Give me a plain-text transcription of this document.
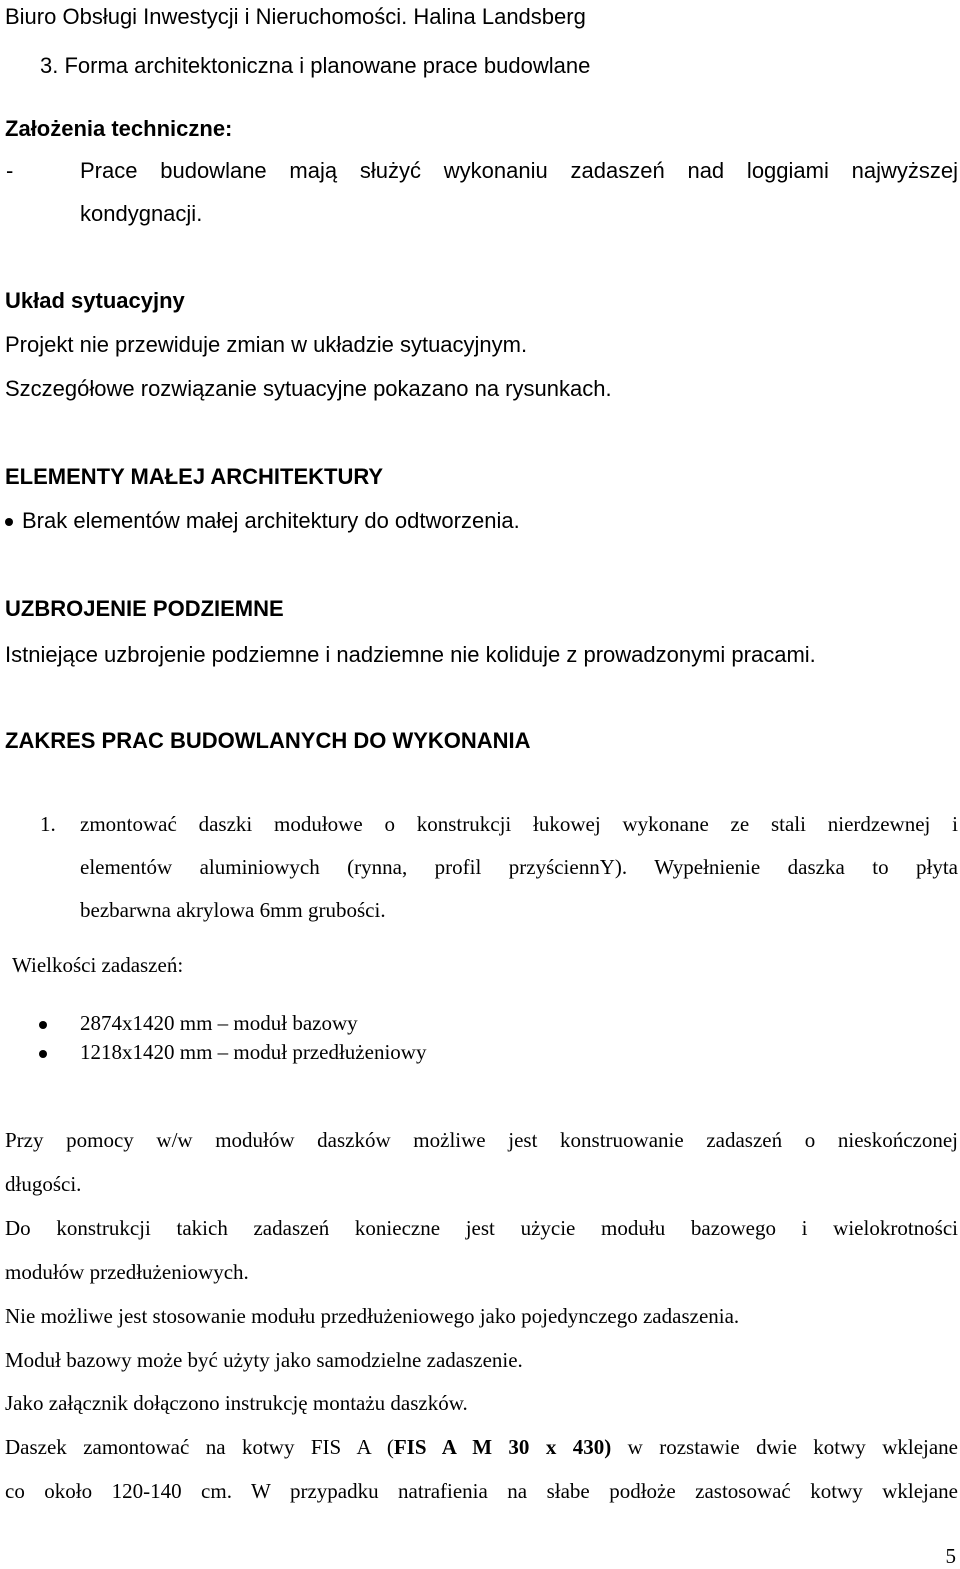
Biuro Obsługi Inwestycji i Nieruchomości. Halina Landsberg
3. Forma architektoniczna i planowane prace budowlane
Założenia techniczne:
-	Prace budowlane mają służyć wykonaniu zadaszeń nad loggiami najwyższej
kondygnacji.
Układ sytuacyjny
Projekt nie przewiduje zmian w układzie sytuacyjnym.
Szczegółowe rozwiązanie sytuacyjne pokazano na rysunkach.
ELEMENTY MAŁEJ ARCHITEKTURY
Brak elementów małej architektury do odtworzenia.
UZBROJENIE PODZIEMNE
Istniejące uzbrojenie podziemne i nadziemne nie koliduje z prowadzonymi pracami.
ZAKRES PRAC BUDOWLANYCH DO WYKONANIA
1. zmontować daszki modułowe o konstrukcji łukowej wykonane ze stali nierdzewnej i
elementów aluminiowych (rynna, profil przyściennY). Wypełnienie daszka to płyta
bezbarwna akrylowa 6mm grubości.
Wielkości zadaszeń:
2874x1420 mm – moduł bazowy
1218x1420 mm – moduł przedłużeniowy
Przy pomocy w/w modułów daszków możliwe jest konstruowanie zadaszeń o nieskończonej
długości.
Do konstrukcji takich zadaszeń konieczne jest użycie modułu bazowego i wielokrotności
modułów przedłużeniowych.
Nie możliwe jest stosowanie modułu przedłużeniowego jako pojedynczego zadaszenia.
Moduł bazowy może być użyty jako samodzielne zadaszenie.
Jako załącznik dołączono instrukcję montażu daszków.
Daszek zamontować na kotwy FIS A (FIS A M 30 x 430) w rozstawie dwie kotwy wklejane
co około 120-140 cm. W przypadku natrafienia na słabe podłoże zastosować kotwy wklejane
5
